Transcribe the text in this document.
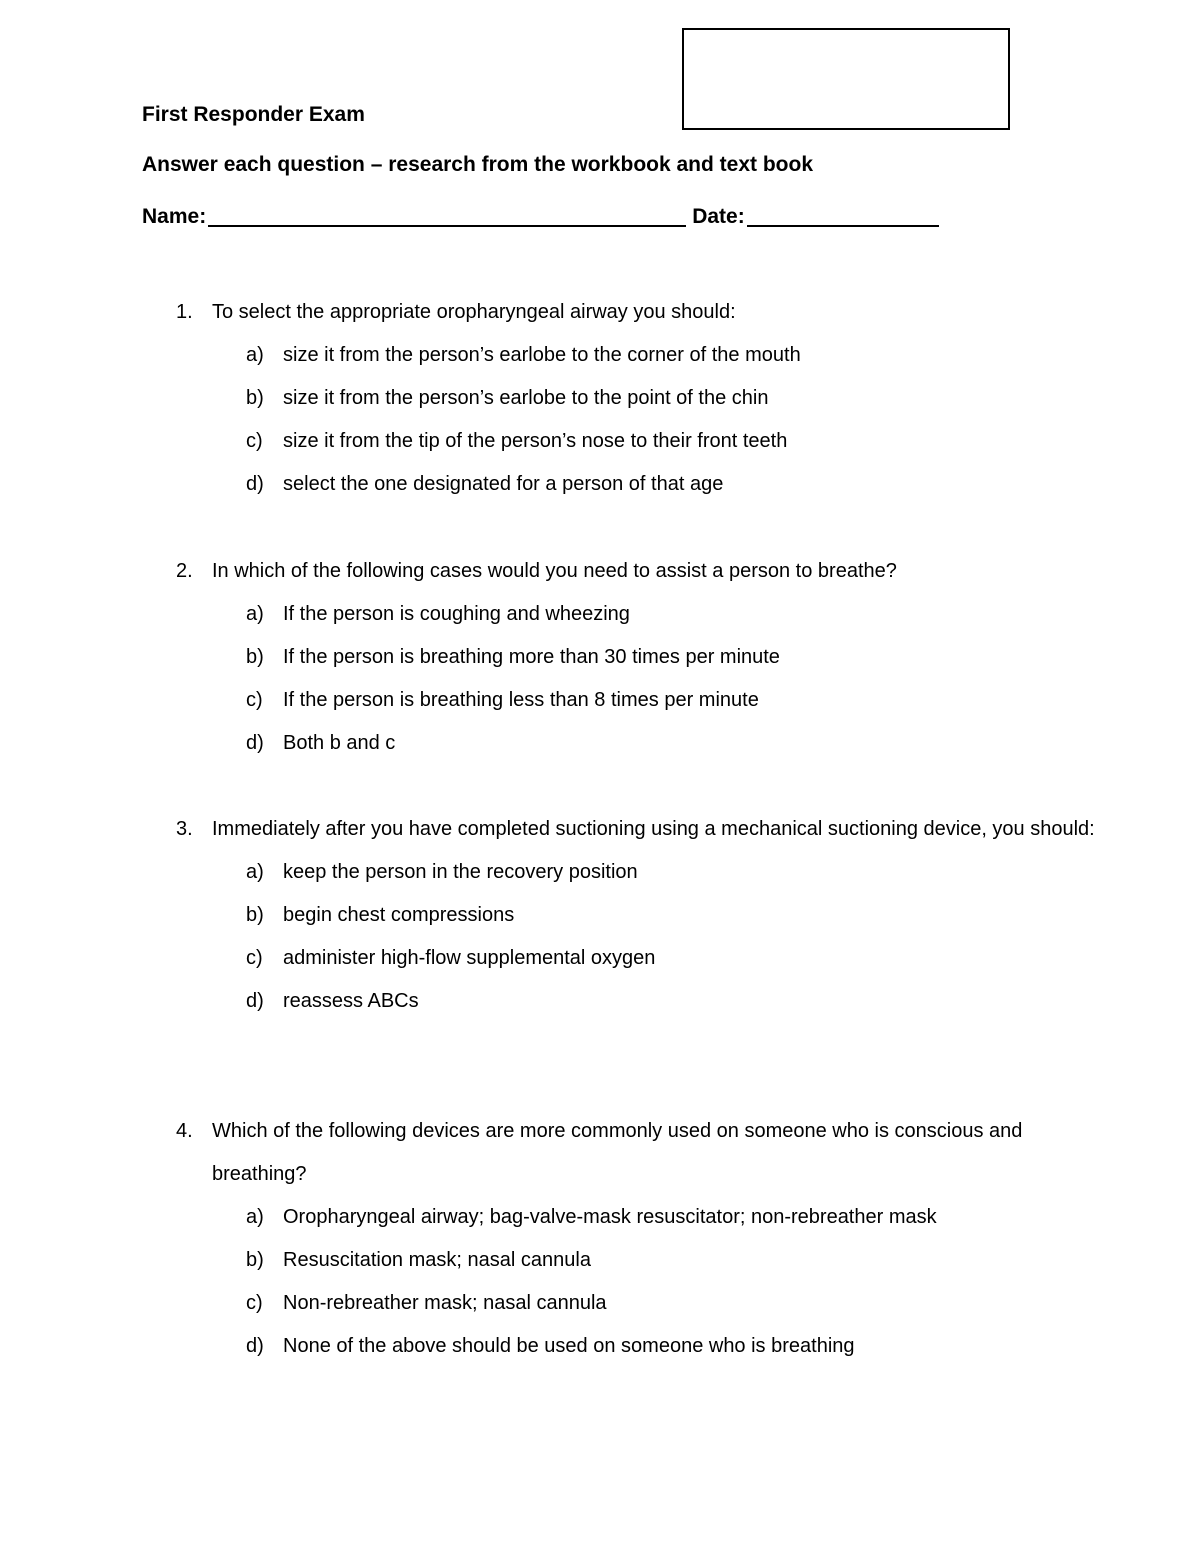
First Responder Exam
Answer each question – research from the workbook and text book
Name:	Date:
1. To select the appropriate oropharyngeal airway you should:
a) size it from the person’s earlobe to the corner of the mouth
b) size it from the person’s earlobe to the point of the chin
c)	size it from the tip of the person’s nose to their front teeth
d) select the one designated for a person of that age
2. In which of the following cases would you need to assist a person to breathe?
a) If the person is coughing and wheezing
b) If the person is breathing more than 30 times per minute
c)	If the person is breathing less than 8 times per minute
d) Both b and c
3. Immediately after you have completed suctioning using a mechanical suctioning device, you should:
a) keep the person in the recovery position
b) begin chest compressions
c)	administer high-flow supplemental oxygen
d) reassess ABCs
4. Which of the following devices are more commonly used on someone who is conscious and breathing?
a) Oropharyngeal airway; bag-valve-mask resuscitator; non-rebreather mask
b) Resuscitation mask; nasal cannula
c)	Non-rebreather mask; nasal cannula
d) None of the above should be used on someone who is breathing
